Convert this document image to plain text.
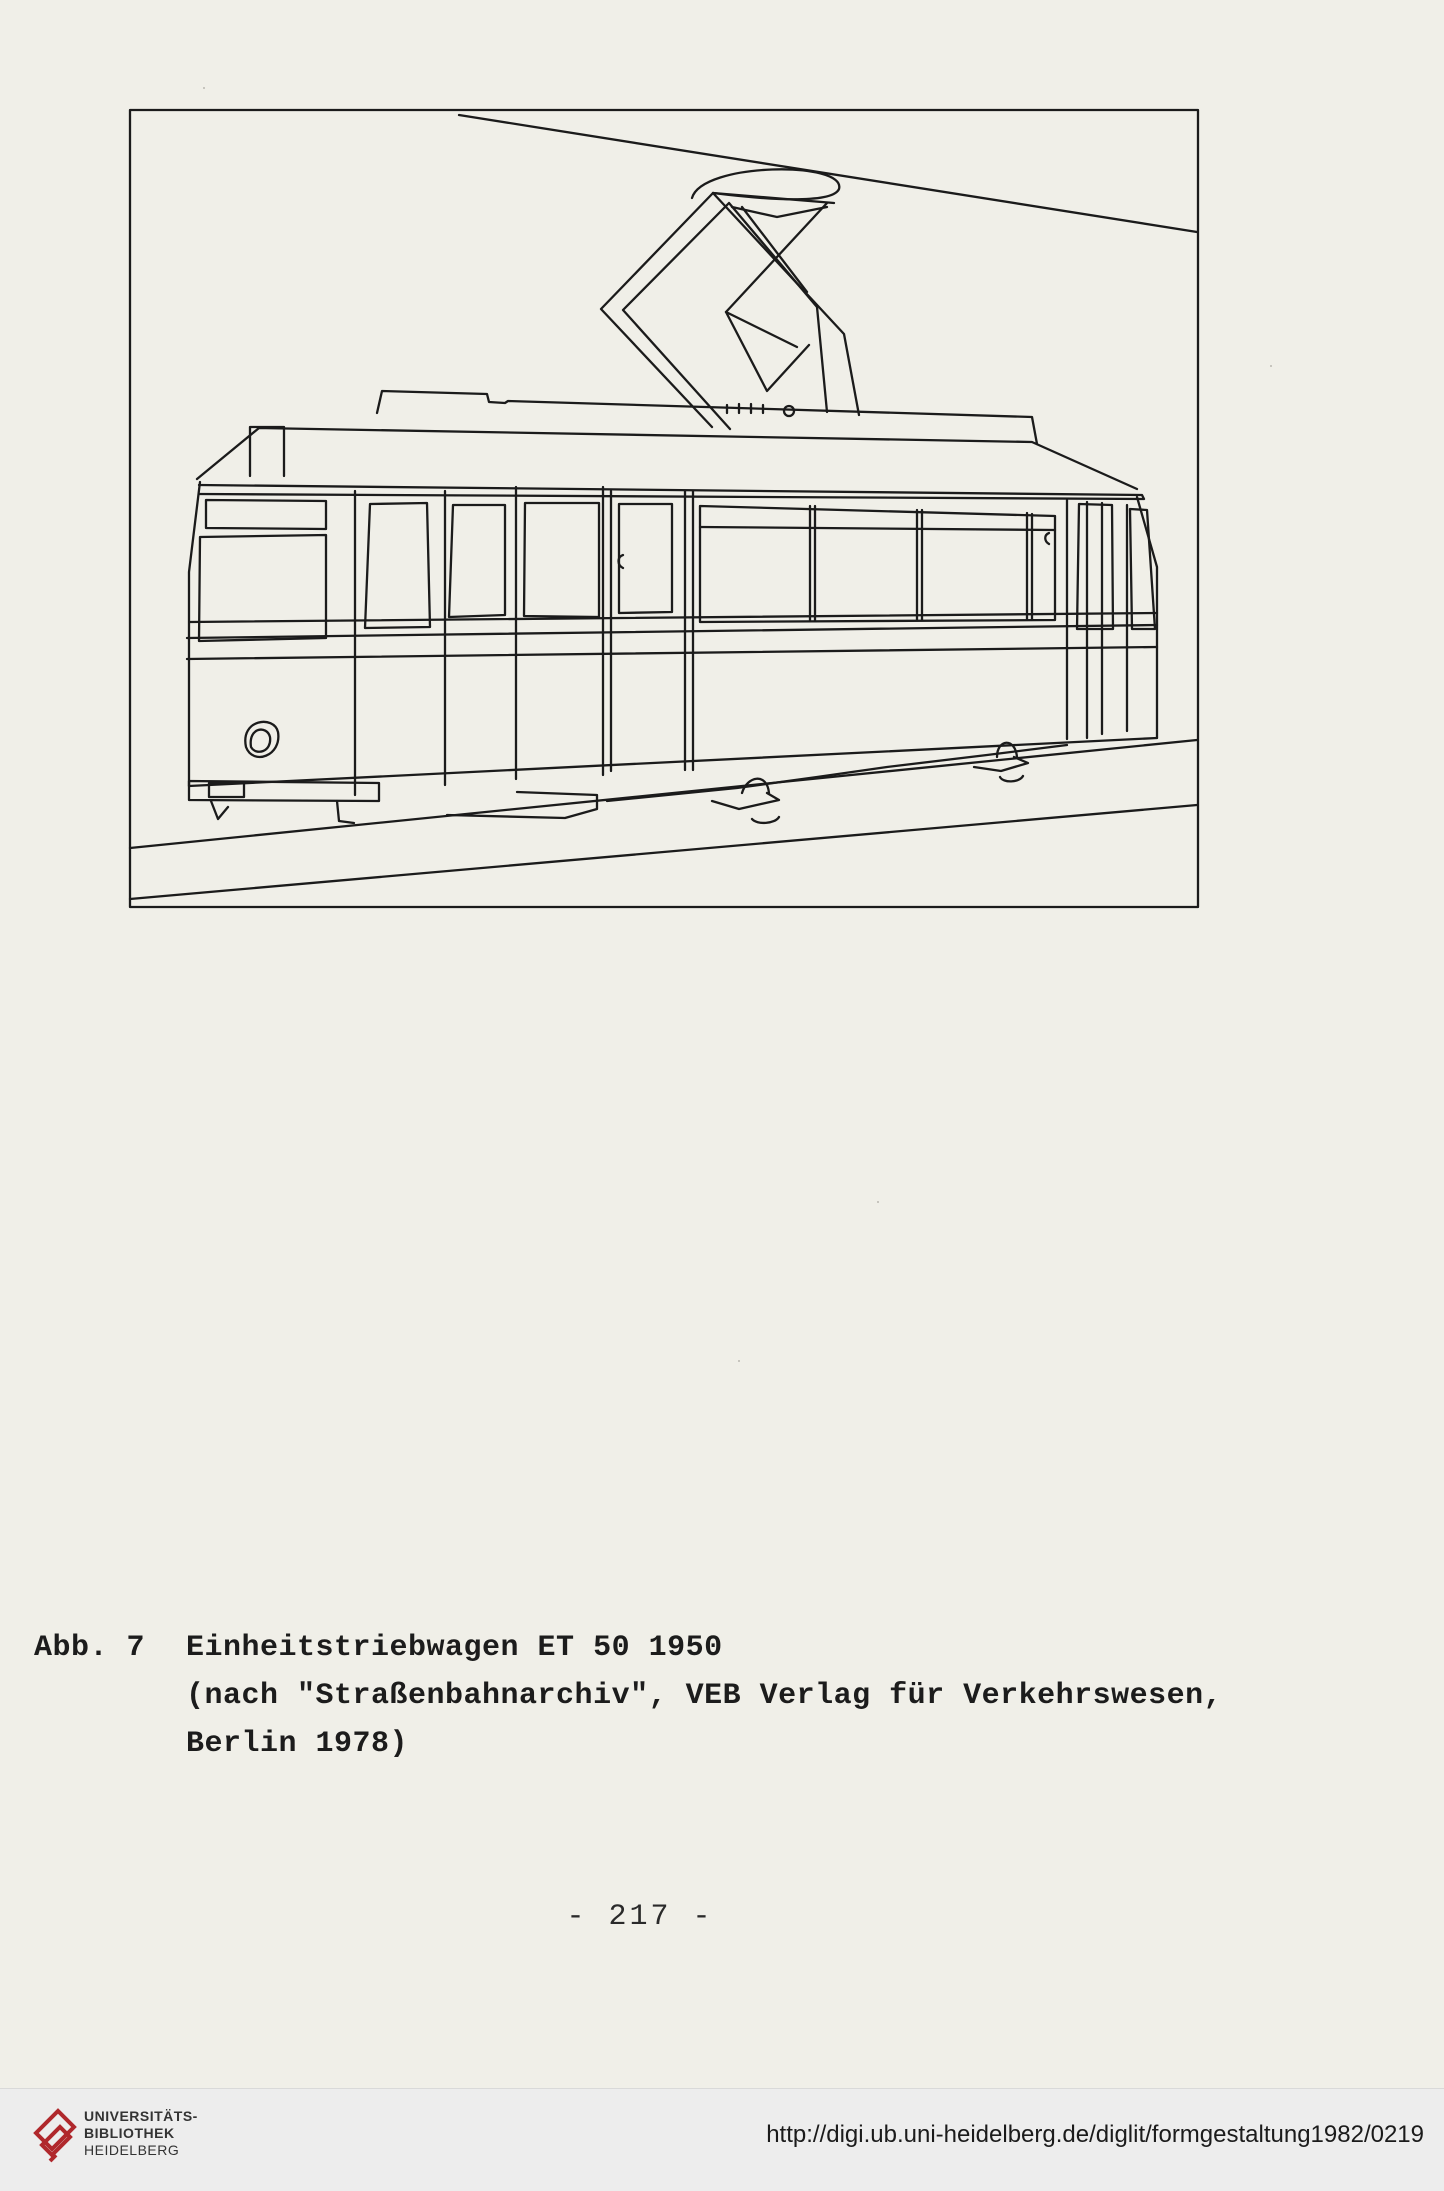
Abb. 7	Einheitstriebwagen ET 50 1950
(nach "Straßenbahnarchiv", VEB Verlag für Verkehrswesen,
Berlin 1978)
- 217 -
UNIVERSITÄTS-
BIBLIOTHEK
HEIDELBERG
http://digi.ub.uni-heidelberg.de/diglit/formgestaltung1982/0219
